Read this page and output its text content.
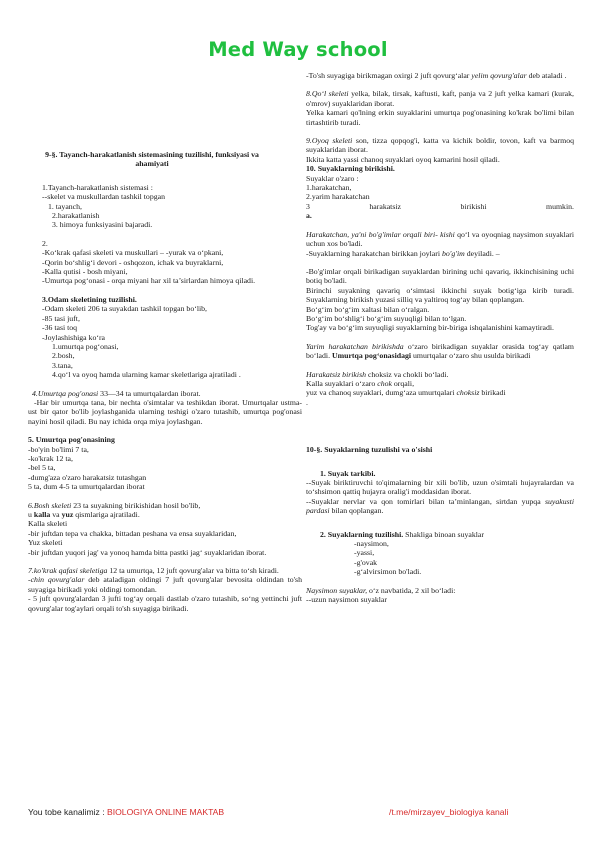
Med Way school

9-§. Tayanch-harakatlanish sistemasining tuzilishi, funksiyasi va ahamiyati

1.Tayanch-harakatlanish sistemasi :

--skelet va muskullardan tashkil topgan

1. tayanch,

2.harakatlanish

3. himoya funksiyasini bajaradi.

2.

-Ko‘krak qafasi skeleti va muskullari – -yurak va o‘pkani,

-Qorin bo‘shlig‘i devori - oshqozon, ichak va buyraklarni,

-Kalla qutisi - bosh miyani,

-Umurtqa pog‘onasi - orqa miyani har xil ta’sirlardan himoya qiladi.

3.Odam skeletining tuzilishi.

-Odam skeleti 206 ta suyakdan tashkil topgan bo‘lib,

-85 tasi juft,

-36 tasi toq

-Joylashishiga ko‘ra

1.umurtqa pog‘onasi,

2.bosh,

3.tana,

4.qo‘l va oyoq hamda ularning kamar skeletlariga ajratiladi .

4.Umurtqa pog'onasi 33—34 ta umurtqalardan iborat.

-Har bir umurtqa tana, bir nechta o'simtalar va teshikdan iborat. Umurtqalar ustma-ust bir qator bo'lib joylashganida ularning teshigi o'zaro tutashib, umurtqa pog'onasi nayini hosil qiladi. Bu nay ichida orqa miya joylashgan.

5. Umurtqa pog'onasining

-bo'yin bo'limi 7 ta,

-ko'krak 12 ta,

-bel 5 ta,

-dumg'aza o'zaro harakatsiz tutashgan

5 ta, dum 4-5 ta umurtqalardan iborat

6.Bosh skeleti 23 ta suyakning birikishidan hosil bo'lib,

u kalla va yuz qismlariga ajratiladi.

Kalla skeleti

-bir juftdan tepa va chakka, bittadan peshana va ensa suyaklaridan,

Yuz skeleti

-bir juftdan yuqori jag' va yonoq hamda bitta pastki jag‘ suyaklaridan iborat.

7.ko'krak qafasi skeletiga 12 ta umurtqa, 12 juft qovurg'alar va bitta to‘sh kiradi.

-chin qovurg'alar deb ataladigan oldingi 7 juft qovurg'alar bevosita oldindan to'sh suyagiga birikadi yoki oldingi tomondan.

- 5 juft qovurg'alardan 3 jufti tog‘ay orqali dastlab o'zaro tutashib, so‘ng yettinchi juft qovurg'alar tog'aylari orqali to'sh suyagiga birikadi.

-To'sh suyagiga birikmagan oxirgi 2 juft qovurg‘alar yelim qovurg'alar deb ataladi .

8.Qo‘l skeleti yelka, bilak, tirsak, kaftusti, kaft, panja va 2 juft yelka kamari (kurak, o'mrov) suyaklaridan iborat.

Yelka kamari qo'lning erkin suyaklarini umurtqa pog'onasining ko'krak bo'limi bilan tirtashtirib turadi.

9.Oyoq skeleti son, tizza qopqog'i, katta va kichik boldir, tovon, kaft va barmoq suyaklaridan iborat.

Ikkita katta yassi chanoq suyaklari oyoq kamarini hosil qiladi.

10. Suyaklarning birikishi.

Suyaklar o'zaro :

1.harakatchan,

2.yarim harakatchan

3	harakatsiz	birikishi	mumkin.

a.

Harakatchan, ya'ni bo'g'imlar orqali biri- kishi qo‘l va oyoqniag naysimon suyaklari uchun xos bo'ladi.

-Suyaklarning harakatchan birikkan joylari bo'g'im deyiladi. –

-Bo'g'imlar orqali birikadigan suyaklardan birining uchi qavariq, ikkinchisining uchi botiq bo'ladi.

Birinchi suyakning qavariq o‘simtasi ikkinchi suyak botig‘iga kirib turadi. Suyaklarning birikish yuzasi silliq va yaltiroq tog‘ay bilan qoplangan.

Bo‘g‘im bo‘g‘im xaltasi bilan o‘ralgan.

Bo‘g‘im bo‘shlig‘i bo‘g‘im suyuqligi bilan to‘lgan.

Tog'ay va bo‘g‘im suyuqligi suyaklarning bir-biriga ishqalanishini kamaytiradi.

Yarim harakatchan birikishda o‘zaro birikadigan suyaklar orasida tog‘ay qatlam bo‘ladi. Umurtqa pog‘onasidagi umurtqalar o‘zaro shu usulda birikadi

Harakatsiz birikish choksiz va chokli bo‘ladi.

Kalla suyaklari o‘zaro chok orqali,

yuz va chanoq suyaklari, dumg‘aza umurtqalari choksiz birikadi

.

10-§. Suyaklarning tuzulishi va o'sishi

1. Suyak tarkibi.

--Suyak biriktiruvchi to'qimalarning bir xili bo'lib, uzun o'simtali hujayralardan va to‘shsimon qattiq hujayra oralig'i moddasidan iborat.

--Suyaklar nervlar va qon tomirlari bilan ta’minlangan, sirtdan yupqa suyakusti pardasi bilan qoplangan.

2. Suyaklarning tuzilishi. Shakliga binoan suyaklar

-naysimon,

-yassi,

-g'ovak

-g‘alvirsimon bo'ladi.

Naysimon suyaklar, o‘z navbatida, 2 xil bo‘ladi:

--uzun naysimon suyaklar

You tobe kanalimiz : BIOLOGIYA ONLINE MAKTAB	/t.me/mirzayev_biologiya kanali
